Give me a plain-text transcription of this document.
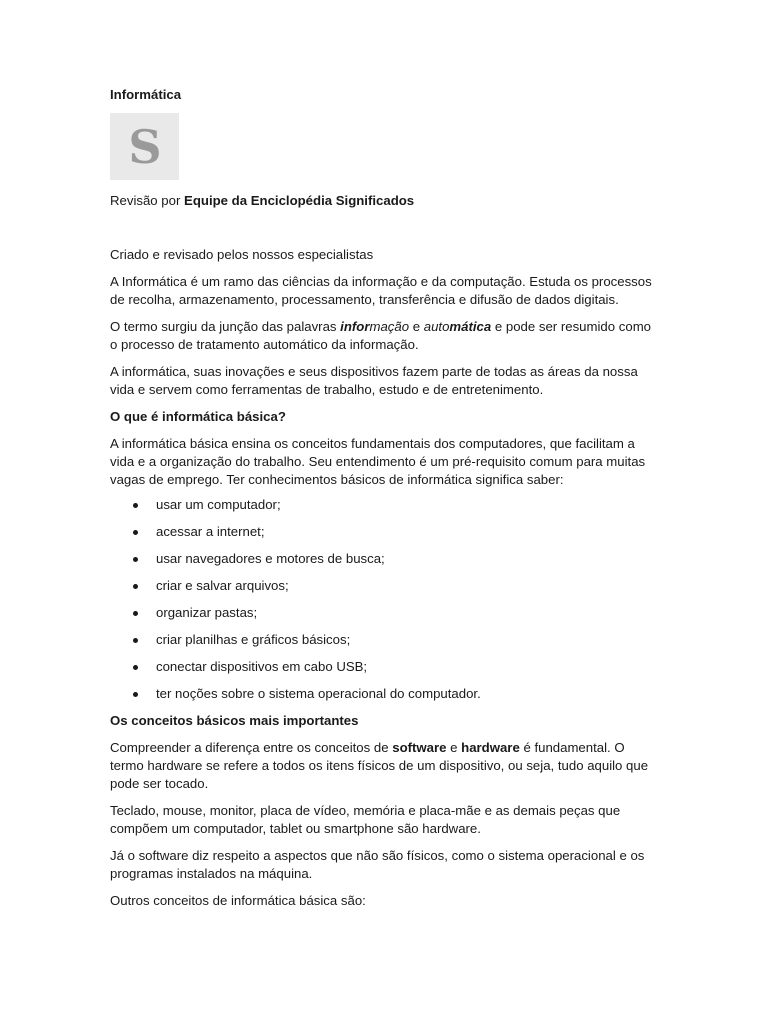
Informática
S
Revisão por Equipe da Enciclopédia Significados
Criado e revisado pelos nossos especialistas

A Informática é um ramo das ciências da informação e da computação. Estuda os processos de recolha, armazenamento, processamento, transferência e difusão de dados digitais.

O termo surgiu da junção das palavras informação e automática e pode ser resumido como o processo de tratamento automático da informação.

A informática, suas inovações e seus dispositivos fazem parte de todas as áreas da nossa vida e servem como ferramentas de trabalho, estudo e de entretenimento.

O que é informática básica?

A informática básica ensina os conceitos fundamentais dos computadores, que facilitam a vida e a organização do trabalho. Seu entendimento é um pré-requisito comum para muitas vagas de emprego. Ter conhecimentos básicos de informática significa saber:

usar um computador;
acessar a internet;
usar navegadores e motores de busca;
criar e salvar arquivos;
organizar pastas;
criar planilhas e gráficos básicos;
conectar dispositivos em cabo USB;
ter noções sobre o sistema operacional do computador.
Os conceitos básicos mais importantes

Compreender a diferença entre os conceitos de software e hardware é fundamental. O termo hardware se refere a todos os itens físicos de um dispositivo, ou seja, tudo aquilo que pode ser tocado.

Teclado, mouse, monitor, placa de vídeo, memória e placa-mãe e as demais peças que compõem um computador, tablet ou smartphone são hardware.

Já o software diz respeito a aspectos que não são físicos, como o sistema operacional e os programas instalados na máquina.

Outros conceitos de informática básica são:
